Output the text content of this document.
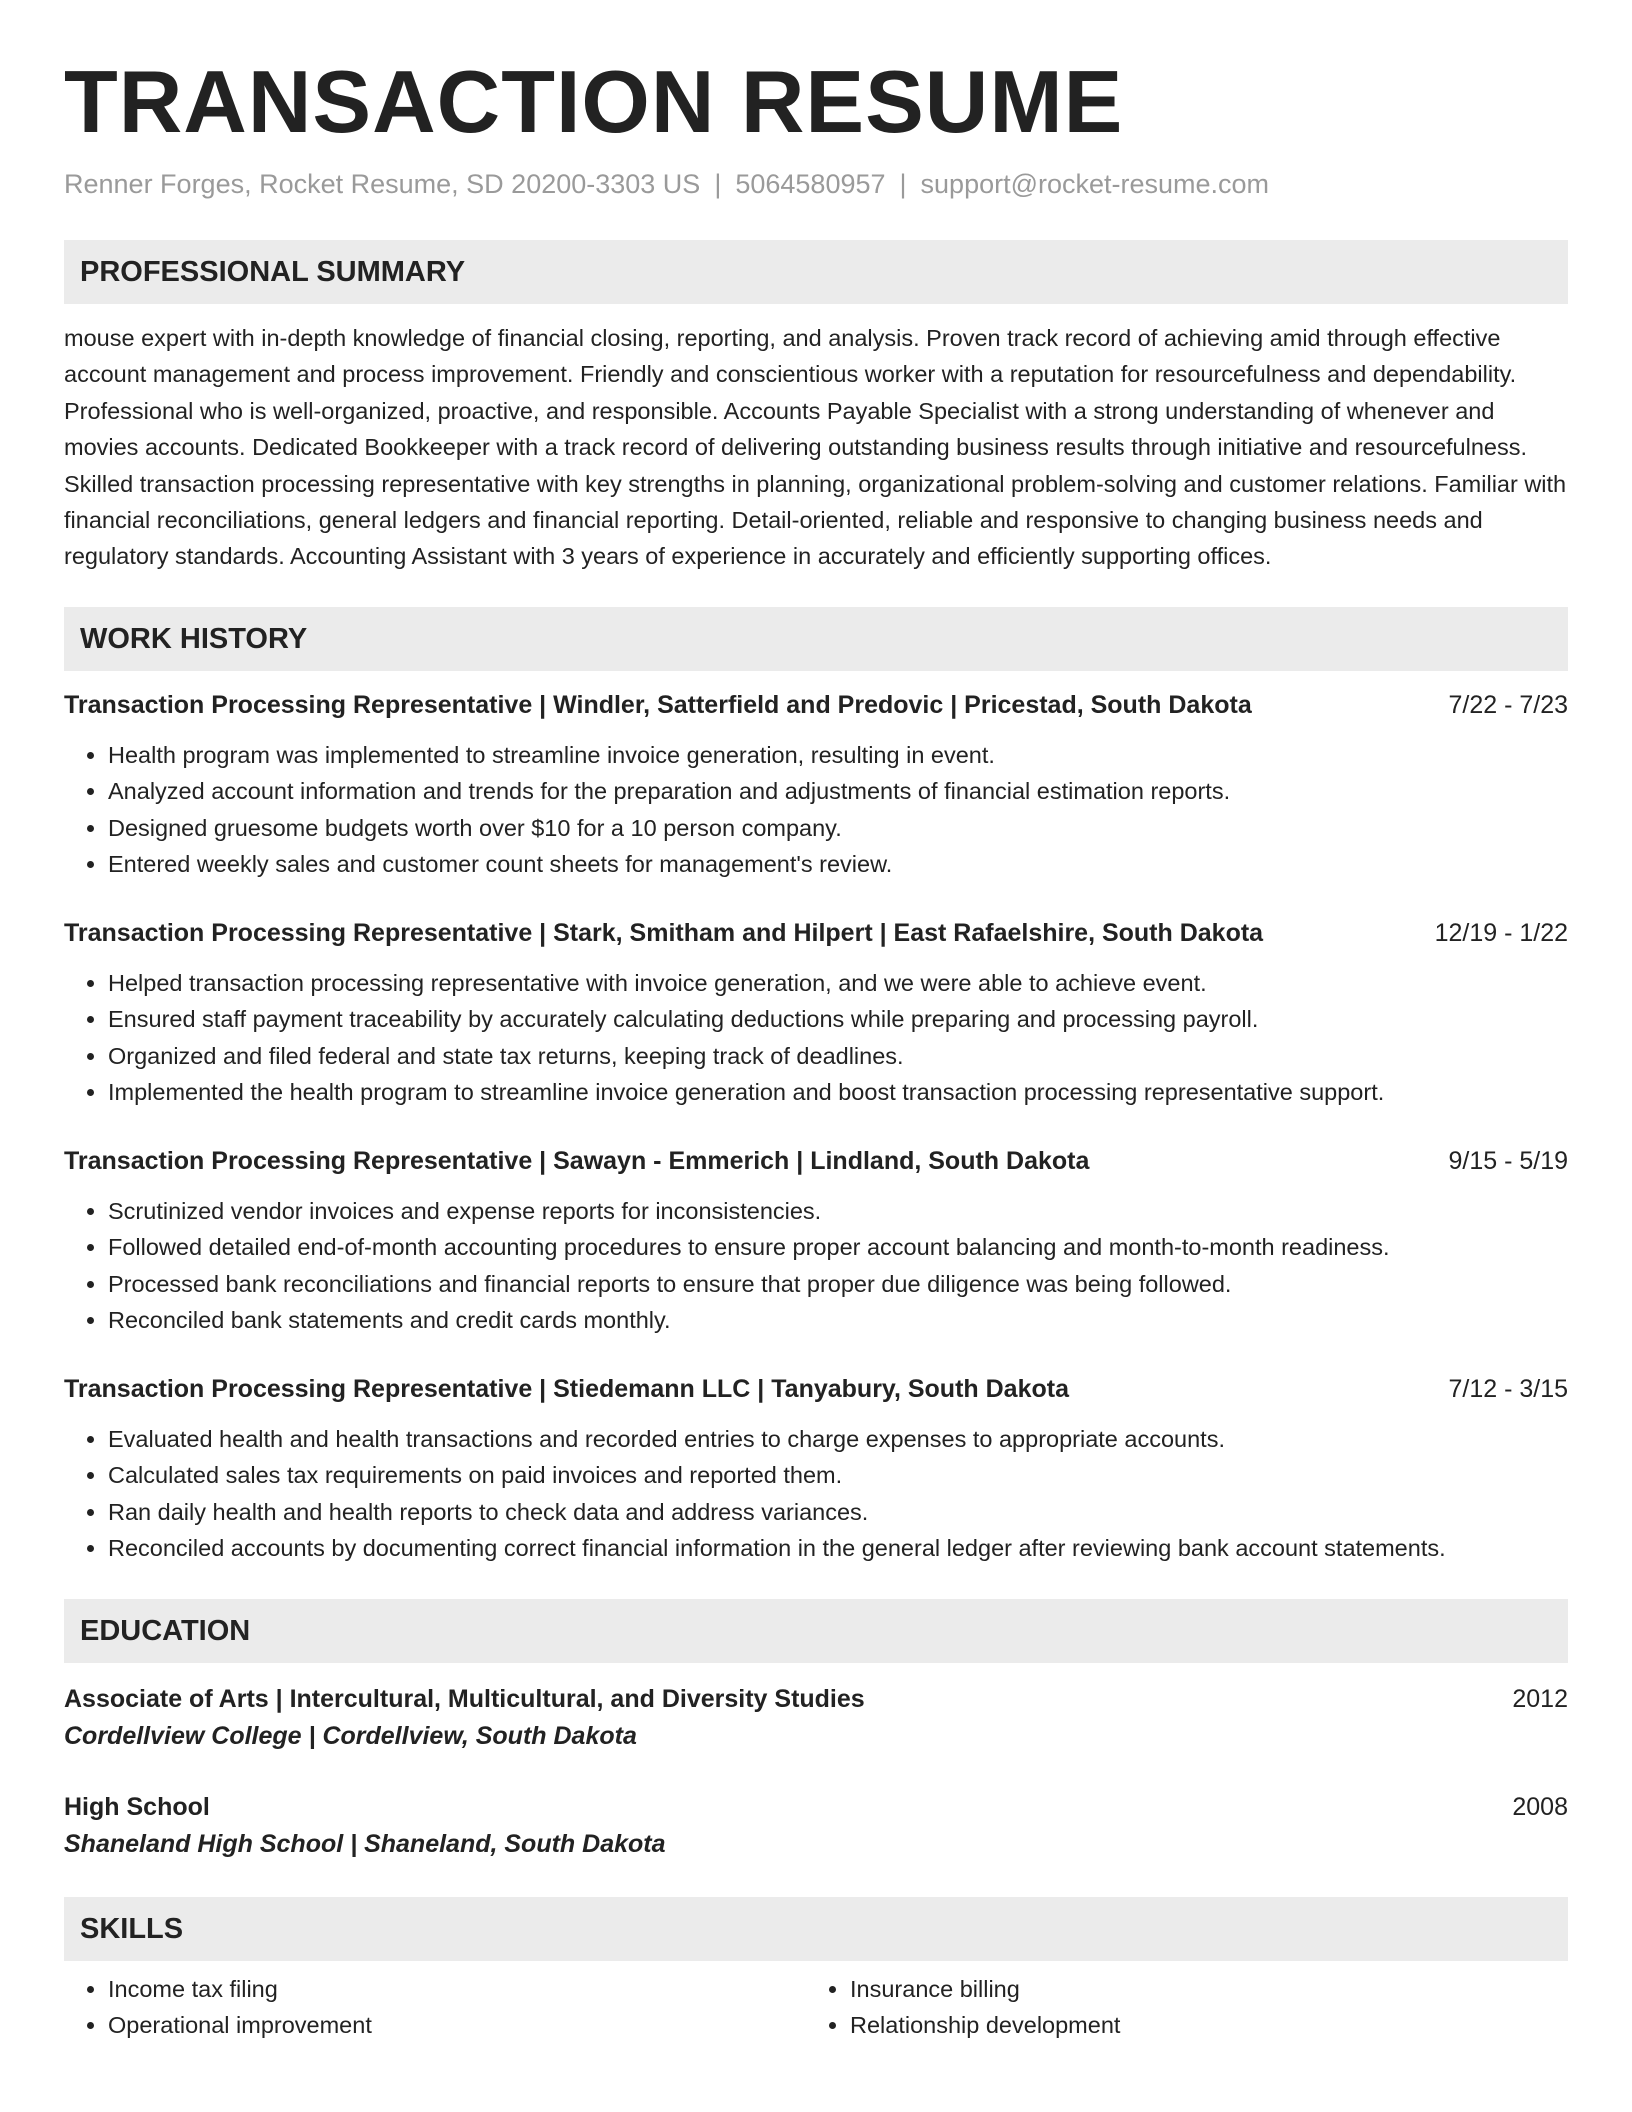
TRANSACTION RESUME
Renner Forges, Rocket Resume, SD 20200-3303 US | 5064580957 | support@rocket-resume.com
PROFESSIONAL SUMMARY
mouse expert with in-depth knowledge of financial closing, reporting, and analysis. Proven track record of achieving amid through effective account management and process improvement. Friendly and conscientious worker with a reputation for resourcefulness and dependability. Professional who is well-organized, proactive, and responsible. Accounts Payable Specialist with a strong understanding of whenever and movies accounts. Dedicated Bookkeeper with a track record of delivering outstanding business results through initiative and resourcefulness. Skilled transaction processing representative with key strengths in planning, organizational problem-solving and customer relations. Familiar with financial reconciliations, general ledgers and financial reporting. Detail-oriented, reliable and responsive to changing business needs and regulatory standards. Accounting Assistant with 3 years of experience in accurately and efficiently supporting offices.
WORK HISTORY
Transaction Processing Representative | Windler, Satterfield and Predovic | Pricestad, South Dakota	7/22 - 7/23
• Health program was implemented to streamline invoice generation, resulting in event.
• Analyzed account information and trends for the preparation and adjustments of financial estimation reports.
• Designed gruesome budgets worth over $10 for a 10 person company.
• Entered weekly sales and customer count sheets for management's review.
Transaction Processing Representative | Stark, Smitham and Hilpert | East Rafaelshire, South Dakota	12/19 - 1/22
• Helped transaction processing representative with invoice generation, and we were able to achieve event.
• Ensured staff payment traceability by accurately calculating deductions while preparing and processing payroll.
• Organized and filed federal and state tax returns, keeping track of deadlines.
• Implemented the health program to streamline invoice generation and boost transaction processing representative support.
Transaction Processing Representative | Sawayn - Emmerich | Lindland, South Dakota	9/15 - 5/19
• Scrutinized vendor invoices and expense reports for inconsistencies.
• Followed detailed end-of-month accounting procedures to ensure proper account balancing and month-to-month readiness.
• Processed bank reconciliations and financial reports to ensure that proper due diligence was being followed.
• Reconciled bank statements and credit cards monthly.
Transaction Processing Representative | Stiedemann LLC | Tanyabury, South Dakota	7/12 - 3/15
• Evaluated health and health transactions and recorded entries to charge expenses to appropriate accounts.
• Calculated sales tax requirements on paid invoices and reported them.
• Ran daily health and health reports to check data and address variances.
• Reconciled accounts by documenting correct financial information in the general ledger after reviewing bank account statements.
EDUCATION
Associate of Arts | Intercultural, Multicultural, and Diversity Studies	2012
Cordellview College | Cordellview, South Dakota
High School	2008
Shaneland High School | Shaneland, South Dakota
SKILLS
• Income tax filing
• Operational improvement
• Insurance billing
• Relationship development
